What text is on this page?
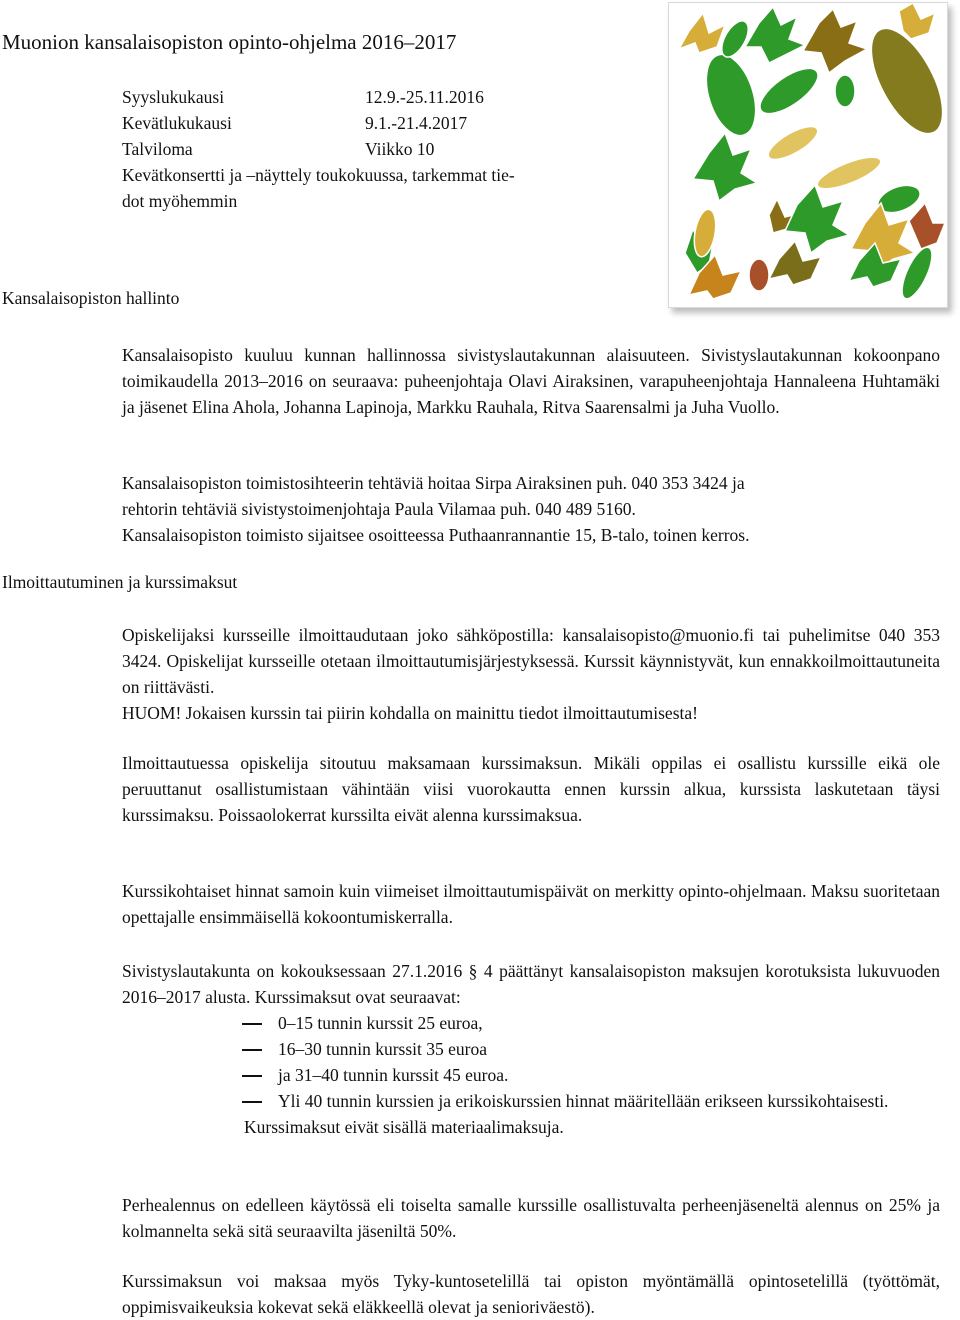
Muonion kansalaisopiston opinto-ohjelma 2016–2017
Syyslukukausi	12.9.-25.11.2016
Kevätlukukausi	9.1.-21.4.2017
Talviloma	Viikko 10
Kevätkonsertti ja –näyttely toukokuussa, tarkemmat tie-
dot myöhemmin
Kansalaisopiston hallinto

Kansalaisopisto kuuluu kunnan hallinnossa sivistyslautakunnan alaisuuteen. Sivistyslautakunnan kokoonpano toimikaudella 2013–2016 on seuraava: puheenjohtaja Olavi Airaksinen, varapuheenjohtaja Hannaleena Huhtamäki ja jäsenet Elina Ahola, Johanna Lapinoja, Markku Rauhala, Ritva Saarensalmi ja Juha Vuollo.

Kansalaisopiston toimistosihteerin tehtäviä hoitaa Sirpa Airaksinen puh. 040 353 3424 ja
rehtorin tehtäviä sivistystoimenjohtaja Paula Vilamaa puh. 040 489 5160.
Kansalaisopiston toimisto sijaitsee osoitteessa Puthaanrannantie 15, B-talo, toinen kerros.
Ilmoittautuminen ja kurssimaksut

Opiskelijaksi kursseille ilmoittaudutaan joko sähköpostilla: kansalaisopisto@muonio.fi tai puhelimitse 040 353 3424. Opiskelijat kursseille otetaan ilmoittautumisjärjestyksessä. Kurssit käynnistyvät, kun ennakkoilmoittautuneita on riittävästi.

HUOM! Jokaisen kurssin tai piirin kohdalla on mainittu tiedot ilmoittautumisesta!

Ilmoittautuessa opiskelija sitoutuu maksamaan kurssimaksun. Mikäli oppilas ei osallistu kurssille eikä ole peruuttanut osallistumistaan vähintään viisi vuorokautta ennen kurssin alkua, kurssista laskutetaan täysi kurssimaksu. Poissaolokerrat kurssilta eivät alenna kurssimaksua.

Kurssikohtaiset hinnat samoin kuin viimeiset ilmoittautumispäivät on merkitty opinto-ohjelmaan. Maksu suoritetaan opettajalle ensimmäisellä kokoontumiskerralla.

Sivistyslautakunta on kokouksessaan 27.1.2016 § 4 päättänyt kansalaisopiston maksujen korotuksista lukuvuoden 2016–2017 alusta. Kurssimaksut ovat seuraavat:

0–15 tunnin kurssit 25 euroa,
16–30 tunnin kurssit 35 euroa
ja 31–40 tunnin kurssit 45 euroa.
Yli 40 tunnin kurssien ja erikoiskurssien hinnat määritellään erikseen kurssikohtaisesti.
Kurssimaksut eivät sisällä materiaalimaksuja.

Perhealennus on edelleen käytössä eli toiselta samalle kurssille osallistuvalta perheenjäseneltä alennus on 25% ja kolmannelta sekä sitä seuraavilta jäseniltä 50%.

Kurssimaksun voi maksaa myös Tyky-kuntosetelillä tai opiston myöntämällä opintosetelillä (työttömät, oppimisvaikeuksia kokevat sekä eläkkeellä olevat ja senioriväestö).
